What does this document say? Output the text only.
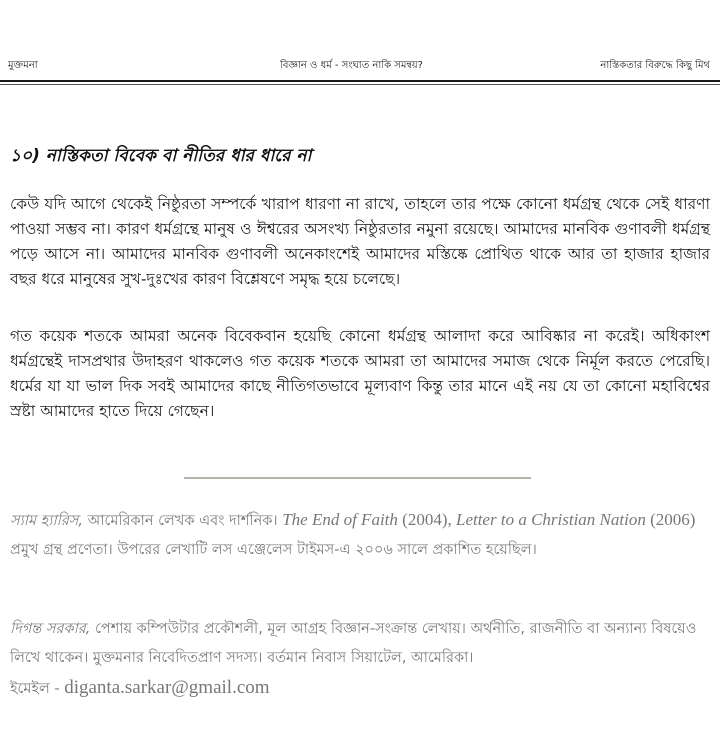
মুক্তমনা	বিজ্ঞান ও ধর্ম - সংঘাত নাকি সমন্বয়?	নাস্তিকতার বিরুদ্ধে কিছু মিথ
১০) নাস্তিকতা বিবেক বা নীতির ধার ধারে না
কেউ যদি আগে থেকেই নিষ্ঠুরতা সম্পর্কে খারাপ ধারণা না রাখে, তাহলে তার পক্ষে কোনো ধর্মগ্রন্থ থেকে সেই ধারণা পাওয়া সম্ভব না। কারণ ধর্মগ্রন্থে মানুষ ও ঈশ্বরের অসংখ্য নিষ্ঠুরতার নমুনা রয়েছে। আমাদের মানবিক গুণাবলী ধর্মগ্রন্থ পড়ে আসে না। আমাদের মানবিক গুণাবলী অনেকাংশেই আমাদের মস্তিষ্কে প্রোথিত থাকে আর তা হাজার হাজার বছর ধরে মানুষের সুখ-দুঃখের কারণ বিশ্লেষণে সমৃদ্ধ হয়ে চলেছে।
গত কয়েক শতকে আমরা অনেক বিবেকবান হয়েছি কোনো ধর্মগ্রন্থ আলাদা করে আবিষ্কার না করেই। অধিকাংশ ধর্মগ্রন্থেই দাসপ্রথার উদাহরণ থাকলেও গত কয়েক শতকে আমরা তা আমাদের সমাজ থেকে নির্মূল করতে পেরেছি। ধর্মের যা যা ভাল দিক সবই আমাদের কাছে নীতিগতভাবে মূল্যবাণ কিন্তু তার মানে এই নয় যে তা কোনো মহাবিশ্বের স্রষ্টা আমাদের হাতে দিয়ে গেছেন।
স্যাম হ্যারিস, আমেরিকান লেখক এবং দার্শনিক। The End of Faith (2004), Letter to a Christian Nation (2006) প্রমুখ গ্রন্থ প্রণেতা। উপরের লেখাটি লস এঞ্জেলেস টাইমস-এ ২০০৬ সালে প্রকাশিত হয়েছিল।
দিগন্ত সরকার, পেশায় কম্পিউটার প্রকৌশলী, মূল আগ্রহ বিজ্ঞান-সংক্রান্ত লেখায়। অর্থনীতি, রাজনীতি বা অন্যান্য বিষয়েও লিখে থাকেন। মুক্তমনার নিবেদিতপ্রাণ সদস্য। বর্তমান নিবাস সিয়াটেল, আমেরিকা।
ইমেইল - diganta.sarkar@gmail.com
